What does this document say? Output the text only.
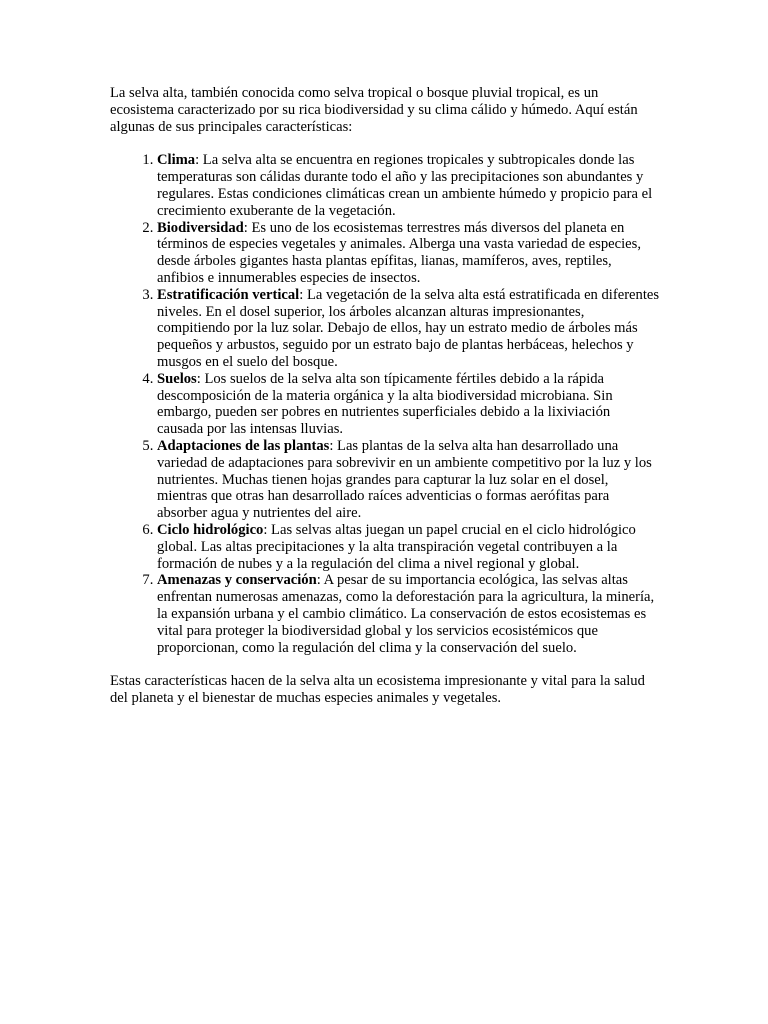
La selva alta, también conocida como selva tropical o bosque pluvial tropical, es un ecosistema caracterizado por su rica biodiversidad y su clima cálido y húmedo. Aquí están algunas de sus principales características:

1. Clima: La selva alta se encuentra en regiones tropicales y subtropicales donde las temperaturas son cálidas durante todo el año y las precipitaciones son abundantes y regulares. Estas condiciones climáticas crean un ambiente húmedo y propicio para el crecimiento exuberante de la vegetación.
2. Biodiversidad: Es uno de los ecosistemas terrestres más diversos del planeta en términos de especies vegetales y animales. Alberga una vasta variedad de especies, desde árboles gigantes hasta plantas epífitas, lianas, mamíferos, aves, reptiles, anfibios e innumerables especies de insectos.
3. Estratificación vertical: La vegetación de la selva alta está estratificada en diferentes niveles. En el dosel superior, los árboles alcanzan alturas impresionantes, compitiendo por la luz solar. Debajo de ellos, hay un estrato medio de árboles más pequeños y arbustos, seguido por un estrato bajo de plantas herbáceas, helechos y musgos en el suelo del bosque.
4. Suelos: Los suelos de la selva alta son típicamente fértiles debido a la rápida descomposición de la materia orgánica y la alta biodiversidad microbiana. Sin embargo, pueden ser pobres en nutrientes superficiales debido a la lixiviación causada por las intensas lluvias.
5. Adaptaciones de las plantas: Las plantas de la selva alta han desarrollado una variedad de adaptaciones para sobrevivir en un ambiente competitivo por la luz y los nutrientes. Muchas tienen hojas grandes para capturar la luz solar en el dosel, mientras que otras han desarrollado raíces adventicias o formas aerófitas para absorber agua y nutrientes del aire.
6. Ciclo hidrológico: Las selvas altas juegan un papel crucial en el ciclo hidrológico global. Las altas precipitaciones y la alta transpiración vegetal contribuyen a la formación de nubes y a la regulación del clima a nivel regional y global.
7. Amenazas y conservación: A pesar de su importancia ecológica, las selvas altas enfrentan numerosas amenazas, como la deforestación para la agricultura, la minería, la expansión urbana y el cambio climático. La conservación de estos ecosistemas es vital para proteger la biodiversidad global y los servicios ecosistémicos que proporcionan, como la regulación del clima y la conservación del suelo.

Estas características hacen de la selva alta un ecosistema impresionante y vital para la salud del planeta y el bienestar de muchas especies animales y vegetales.
